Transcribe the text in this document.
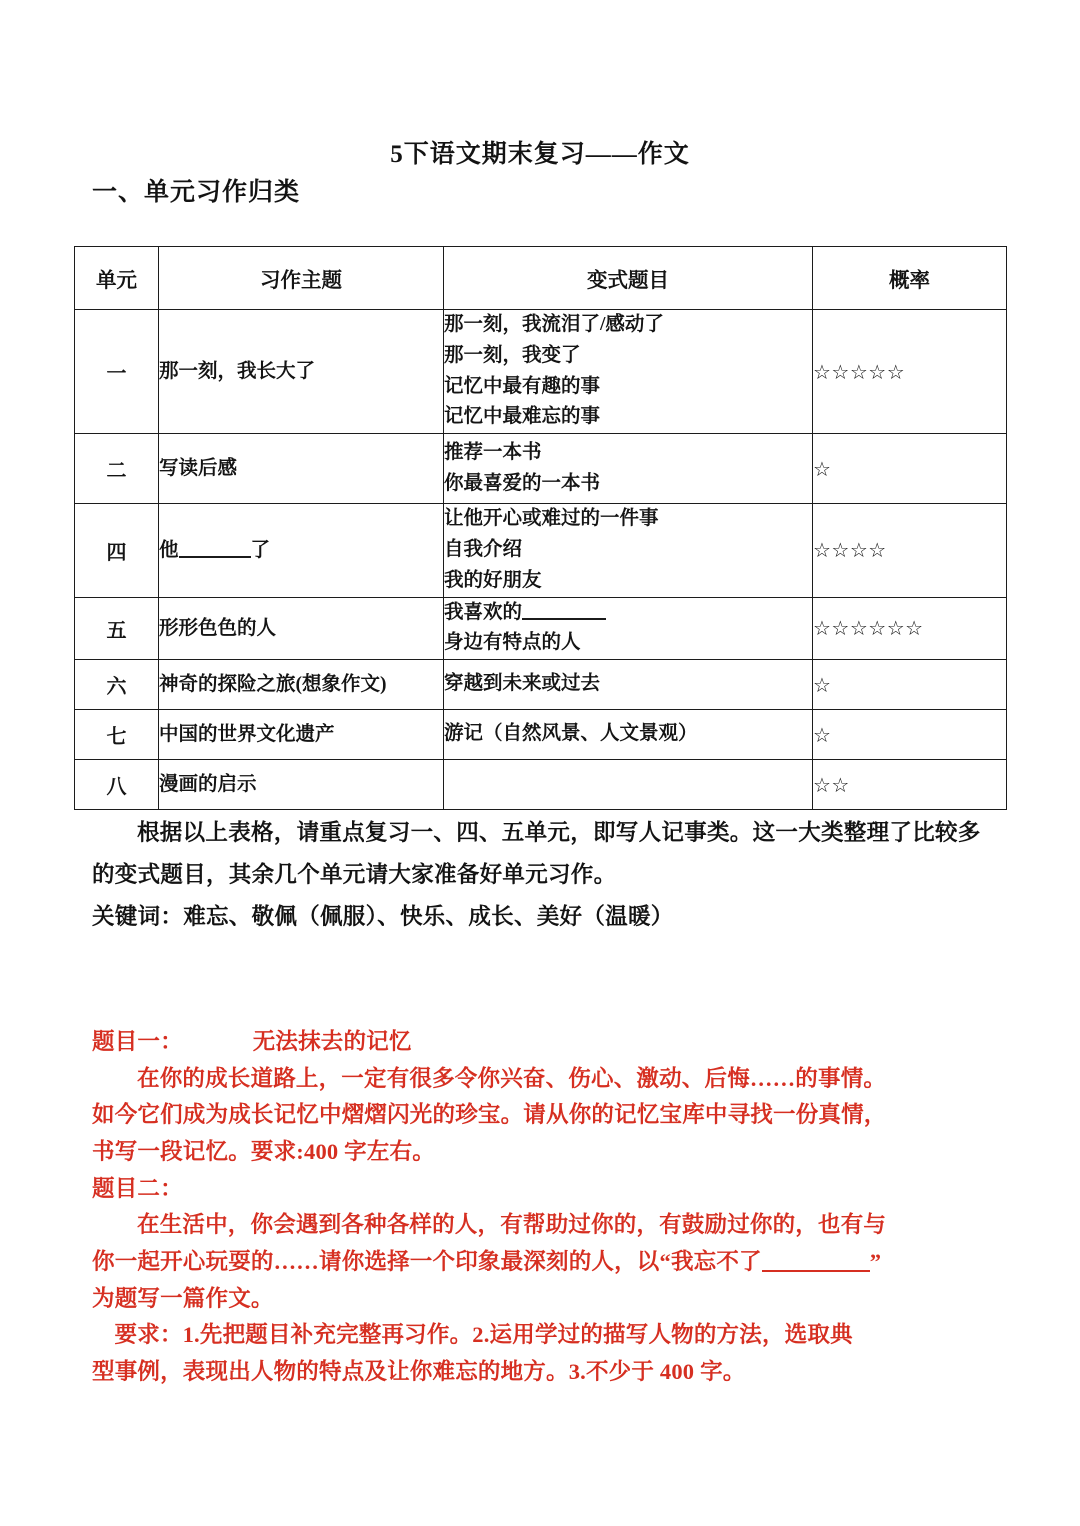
5下语文期末复习——作文
一、单元习作归类
单元	习作主题	变式题目	概率
一	那一刻，我长大了	那一刻，我流泪了/感动了
那一刻，我变了
记忆中最有趣的事
记忆中最难忘的事	☆☆☆☆☆
二	写读后感	推荐一本书
你最喜爱的一本书	☆
四	他 了	让他开心或难过的一件事
自我介绍
我的好朋友	☆☆☆☆
五	形形色色的人	我喜欢的
身边有特点的人	☆☆☆☆☆☆
六	神奇的探险之旅(想象作文)	穿越到未来或过去	☆
七	中国的世界文化遗产	游记（自然风景、人文景观）	☆
八	漫画的启示		☆☆
根据以上表格，请重点复习一、四、五单元，即写人记事类。这一大类整理了比较多的变式题目，其余几个单元请大家准备好单元习作。
关键词：难忘、敬佩（佩服）、快乐、成长、美好（温暖）
题目一：            无法抹去的记忆
在你的成长道路上，一定有很多令你兴奋、伤心、激动、后悔……的事情。
如今它们成为成长记忆中熠熠闪光的珍宝。请从你的记忆宝库中寻找一份真情，
书写一段记忆。要求:400 字左右。
题目二：
在生活中，你会遇到各种各样的人，有帮助过你的，有鼓励过你的，也有与
你一起开心玩耍的……请你选择一个印象最深刻的人，以“我忘不了	”
为题写一篇作文。
要求：1.先把题目补充完整再习作。2.运用学过的描写人物的方法，选取典
型事例，表现出人物的特点及让你难忘的地方。3.不少于 400 字。
